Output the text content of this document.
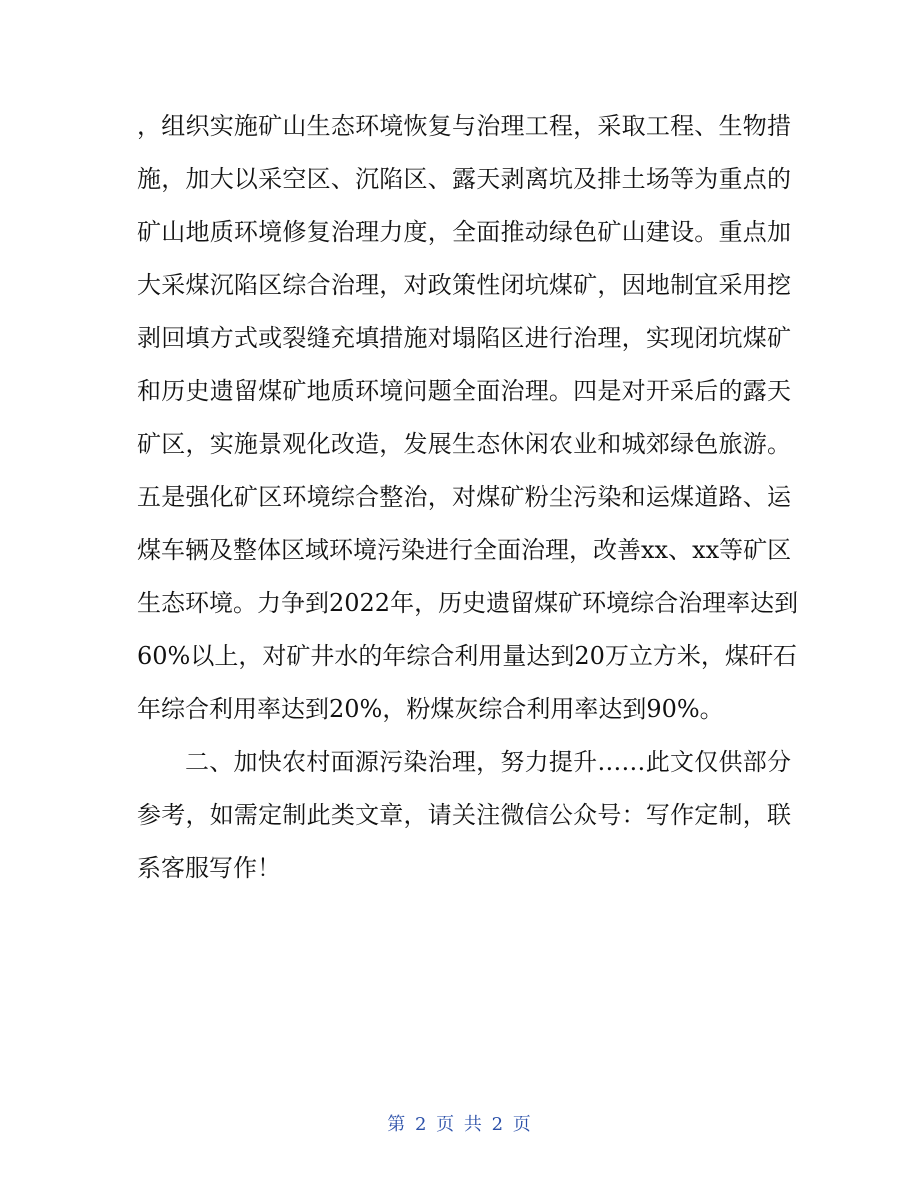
，组织实施矿山生态环境恢复与治理工程，采取工程、生物措
施，加大以采空区、沉陷区、露天剥离坑及排土场等为重点的
矿山地质环境修复治理力度，全面推动绿色矿山建设。重点加
大采煤沉陷区综合治理，对政策性闭坑煤矿，因地制宜采用挖
剥回填方式或裂缝充填措施对塌陷区进行治理，实现闭坑煤矿
和历史遗留煤矿地质环境问题全面治理。四是对开采后的露天
矿区，实施景观化改造，发展生态休闲农业和城郊绿色旅游。
五是强化矿区环境综合整治，对煤矿粉尘污染和运煤道路、运
煤车辆及整体区域环境污染进行全面治理，改善xx、xx等矿区
生态环境。力争到2022年，历史遗留煤矿环境综合治理率达到
60%以上，对矿井水的年综合利用量达到20万立方米，煤矸石
年综合利用率达到20%，粉煤灰综合利用率达到90%。
二、加快农村面源污染治理，努力提升……此文仅供部分
参考，如需定制此类文章，请关注微信公众号：写作定制，联
系客服写作！
第 2 页 共 2 页
